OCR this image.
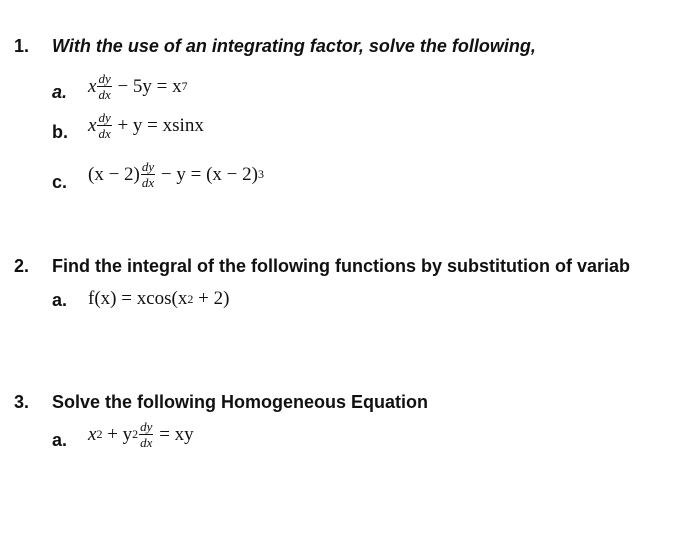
1. With the use of an integrating factor, solve the following,
a. x $\frac{dy}{dx}$
− 5y = x 7
b. x $\frac{dy}{dx}$
+ y = xsinx
c. $(x - 2) \frac{dy}{dx}$
− y = (x − 2) 3
2. Find the integral of the following functions by substitution of variab
a. f(x) = xcos(x 2 + 2)
3. Solve the following Homogeneous Equation
a. x 2 + y $2 \frac{dy}{dx}$ = xy
